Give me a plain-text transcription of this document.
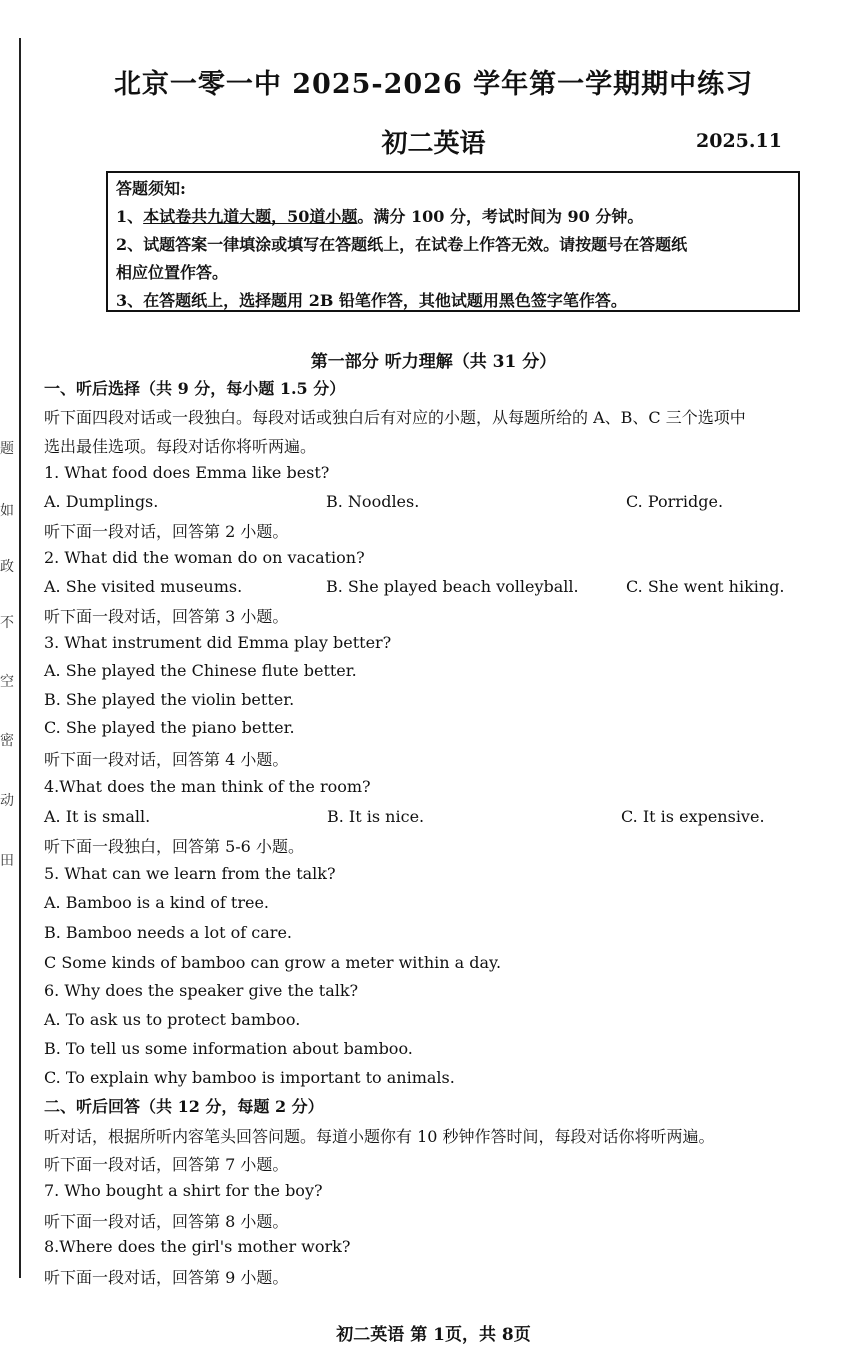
题
如
政
不
空
密
动
田
北京一零一中 2025-2026 学年第一学期期中练习
初二英语	2025.11
答题须知:
1、本试卷共九道大题，50道小题。满分 100 分，考试时间为 90 分钟。
2、试题答案一律填涂或填写在答题纸上，在试卷上作答无效。请按题号在答题纸
相应位置作答。
3、在答题纸上，选择题用 2B 铅笔作答，其他试题用黑色签字笔作答。
第一部分 听力理解（共 31 分）
一、听后选择（共 9 分，每小题 1.5 分）
听下面四段对话或一段独白。每段对话或独白后有对应的小题，从每题所给的 A、B、C 三个选项中
选出最佳选项。每段对话你将听两遍。
1. What food does Emma like best?
A. Dumplings.	B. Noodles.	C. Porridge.
听下面一段对话，回答第 2 小题。
2. What did the woman do on vacation?
A. She visited museums.	B. She played beach volleyball.	C. She went hiking.
听下面一段对话，回答第 3 小题。
3. What instrument did Emma play better?
A. She played the Chinese flute better.
B. She played the violin better.
C. She played the piano better.
听下面一段对话，回答第 4 小题。
4.What does the man think of the room?
A. It is small.	B. It is nice.	C. It is expensive.
听下面一段独白，回答第 5-6 小题。
5. What can we learn from the talk?
A. Bamboo is a kind of tree.
B. Bamboo needs a lot of care.
C Some kinds of bamboo can grow a meter within a day.
6. Why does the speaker give the talk?
A. To ask us to protect bamboo.
B. To tell us some information about bamboo.
C. To explain why bamboo is important to animals.
二、听后回答（共 12 分，每题 2 分）
听对话，根据所听内容笔头回答问题。每道小题你有 10 秒钟作答时间，每段对话你将听两遍。
听下面一段对话，回答第 7 小题。
7. Who bought a shirt for the boy?
听下面一段对话，回答第 8 小题。
8.Where does the girl's mother work?
听下面一段对话，回答第 9 小题。
初二英语 第 1页，共 8页
